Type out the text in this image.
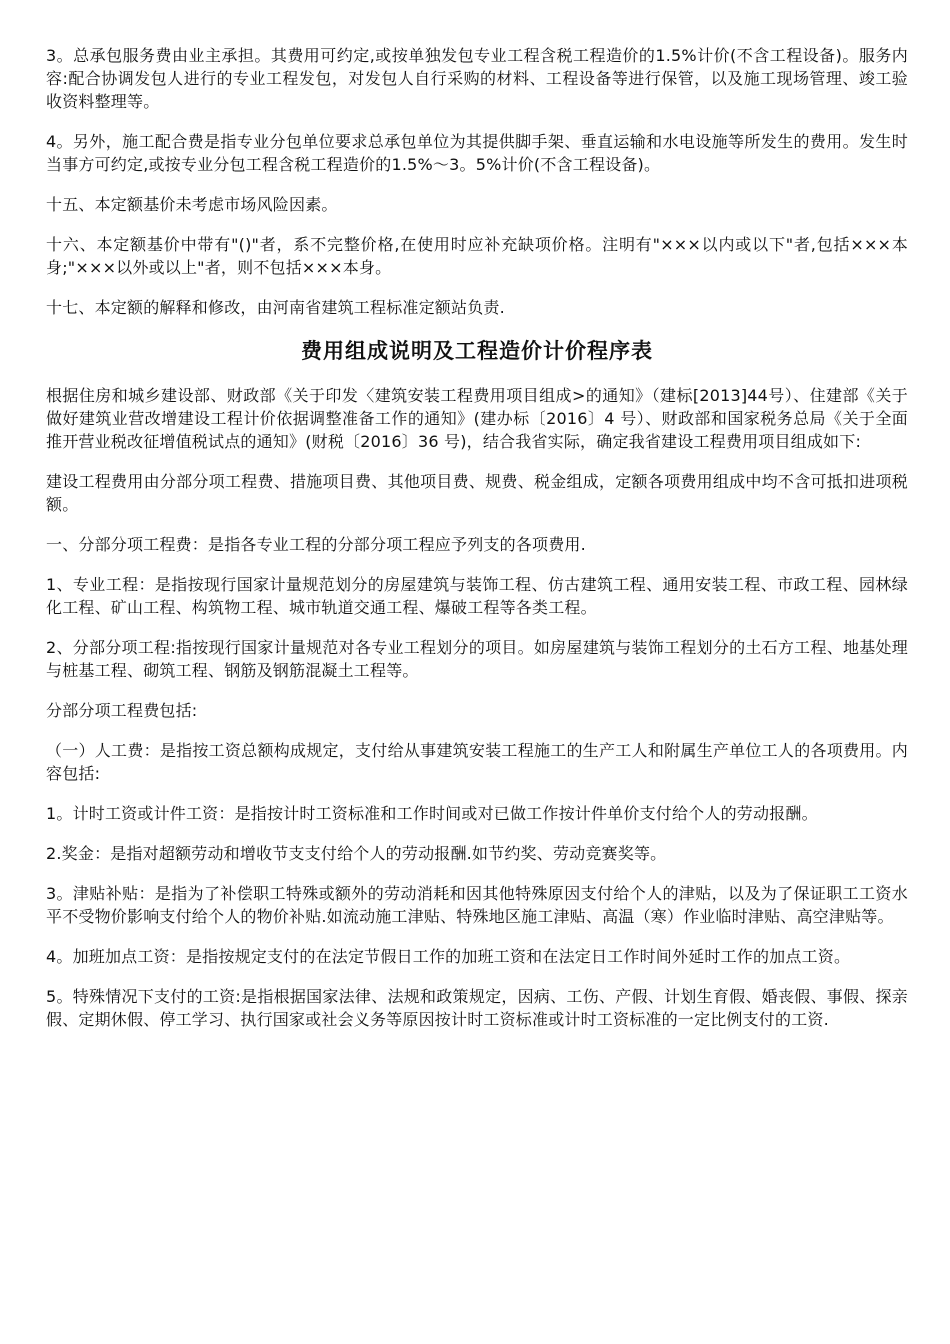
3。总承包服务费由业主承担。其费用可约定,或按单独发包专业工程含税工程造价的1.5%计价(不含工程设备)。服务内容:配合协调发包人进行的专业工程发包，对发包人自行采购的材料、工程设备等进行保管，以及施工现场管理、竣工验收资料整理等。

4。另外，施工配合费是指专业分包单位要求总承包单位为其提供脚手架、垂直运输和水电设施等所发生的费用。发生时当事方可约定,或按专业分包工程含税工程造价的1.5%～3。5%计价(不含工程设备)。

十五、本定额基价未考虑市场风险因素。

十六、本定额基价中带有"()"者，系不完整价格,在使用时应补充缺项价格。注明有"×××以内或以下"者,包括×××本身;"×××以外或以上"者，则不包括×××本身。

十七、本定额的解释和修改，由河南省建筑工程标准定额站负责.

费用组成说明及工程造价计价程序表

根据住房和城乡建设部、财政部《关于印发〈建筑安装工程费用项目组成>的通知》（建标[2013]44号）、住建部《关于做好建筑业营改增建设工程计价依据调整准备工作的通知》(建办标〔2016〕4 号）、财政部和国家税务总局《关于全面推开营业税改征增值税试点的通知》(财税〔2016〕36 号)，结合我省实际，确定我省建设工程费用项目组成如下:

建设工程费用由分部分项工程费、措施项目费、其他项目费、规费、税金组成，定额各项费用组成中均不含可抵扣进项税额。

一、分部分项工程费：是指各专业工程的分部分项工程应予列支的各项费用.

1、专业工程：是指按现行国家计量规范划分的房屋建筑与装饰工程、仿古建筑工程、通用安装工程、市政工程、园林绿化工程、矿山工程、构筑物工程、城市轨道交通工程、爆破工程等各类工程。

2、分部分项工程:指按现行国家计量规范对各专业工程划分的项目。如房屋建筑与装饰工程划分的土石方工程、地基处理与桩基工程、砌筑工程、钢筋及钢筋混凝土工程等。

分部分项工程费包括:

（一）人工费：是指按工资总额构成规定，支付给从事建筑安装工程施工的生产工人和附属生产单位工人的各项费用。内容包括:

1。计时工资或计件工资：是指按计时工资标准和工作时间或对已做工作按计件单价支付给个人的劳动报酬。

2.奖金：是指对超额劳动和增收节支支付给个人的劳动报酬.如节约奖、劳动竞赛奖等。

3。津贴补贴：是指为了补偿职工特殊或额外的劳动消耗和因其他特殊原因支付给个人的津贴，以及为了保证职工工资水平不受物价影响支付给个人的物价补贴.如流动施工津贴、特殊地区施工津贴、高温（寒）作业临时津贴、高空津贴等。

4。加班加点工资：是指按规定支付的在法定节假日工作的加班工资和在法定日工作时间外延时工作的加点工资。

5。特殊情况下支付的工资:是指根据国家法律、法规和政策规定，因病、工伤、产假、计划生育假、婚丧假、事假、探亲假、定期休假、停工学习、执行国家或社会义务等原因按计时工资标准或计时工资标准的一定比例支付的工资.
